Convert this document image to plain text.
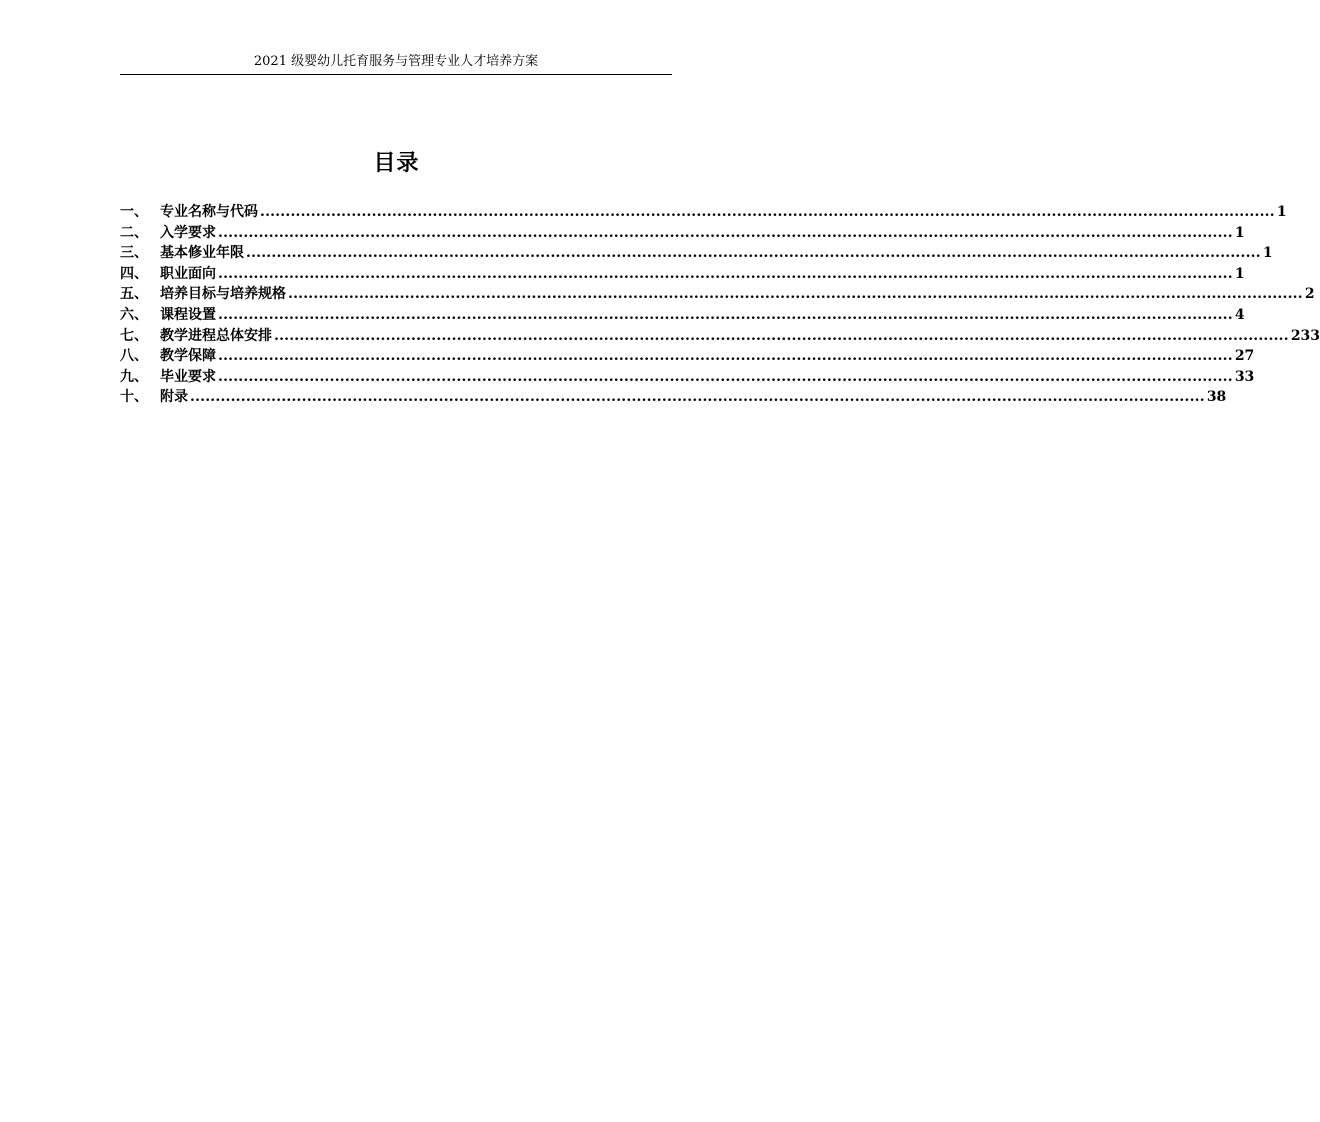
2021 级婴幼儿托育服务与管理专业人才培养方案
目录
一、 专业名称与代码 ........................................................................................................................................................................................................ 1
二、 入学要求 ........................................................................................................................................................................................................ 1
三、 基本修业年限 ........................................................................................................................................................................................................ 1
四、 职业面向 ........................................................................................................................................................................................................ 1
五、 培养目标与培养规格 ........................................................................................................................................................................................................ 2
六、 课程设置 ........................................................................................................................................................................................................ 4
七、 教学进程总体安排 ........................................................................................................................................................................................................ 233
八、 教学保障 ........................................................................................................................................................................................................ 27
九、 毕业要求 ........................................................................................................................................................................................................ 33
十、 附录 ........................................................................................................................................................................................................ 38
